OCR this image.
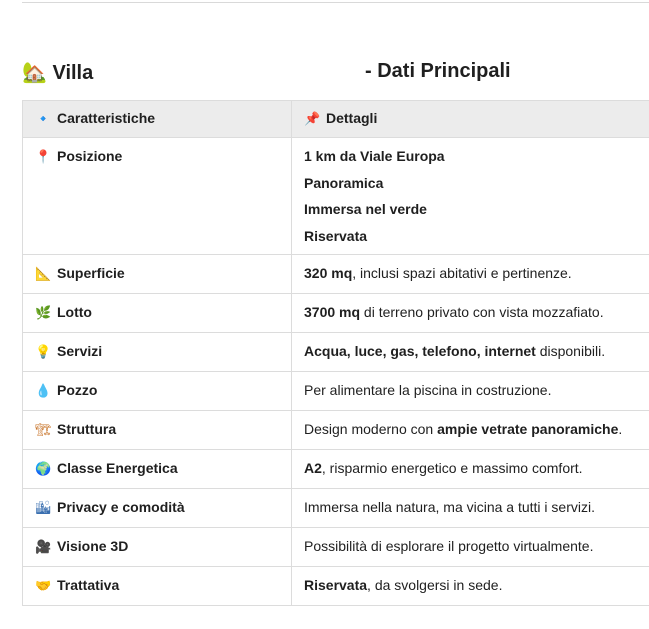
🏡 Villa	- Dati Principali
🔹 Caratteristiche	📌 Dettagli
📍 Posizione	1 km da Viale Europa
Panoramica
Immersa nel verde
Riservata

📐 Superficie	320 mq, inclusi spazi abitativi e pertinenze.
🌿 Lotto	3700 mq di terreno privato con vista mozzafiato.
💡 Servizi	Acqua, luce, gas, telefono, internet disponibili.
💧 Pozzo	Per alimentare la piscina in costruzione.
🏗 Struttura	Design moderno con ampie vetrate panoramiche.
🌍 Classe Energetica	A2, risparmio energetico e massimo comfort.
🏙 Privacy e comodità	Immersa nella natura, ma vicina a tutti i servizi.
🎥 Visione 3D	Possibilità di esplorare il progetto virtualmente.
🤝 Trattativa	Riservata, da svolgersi in sede.
